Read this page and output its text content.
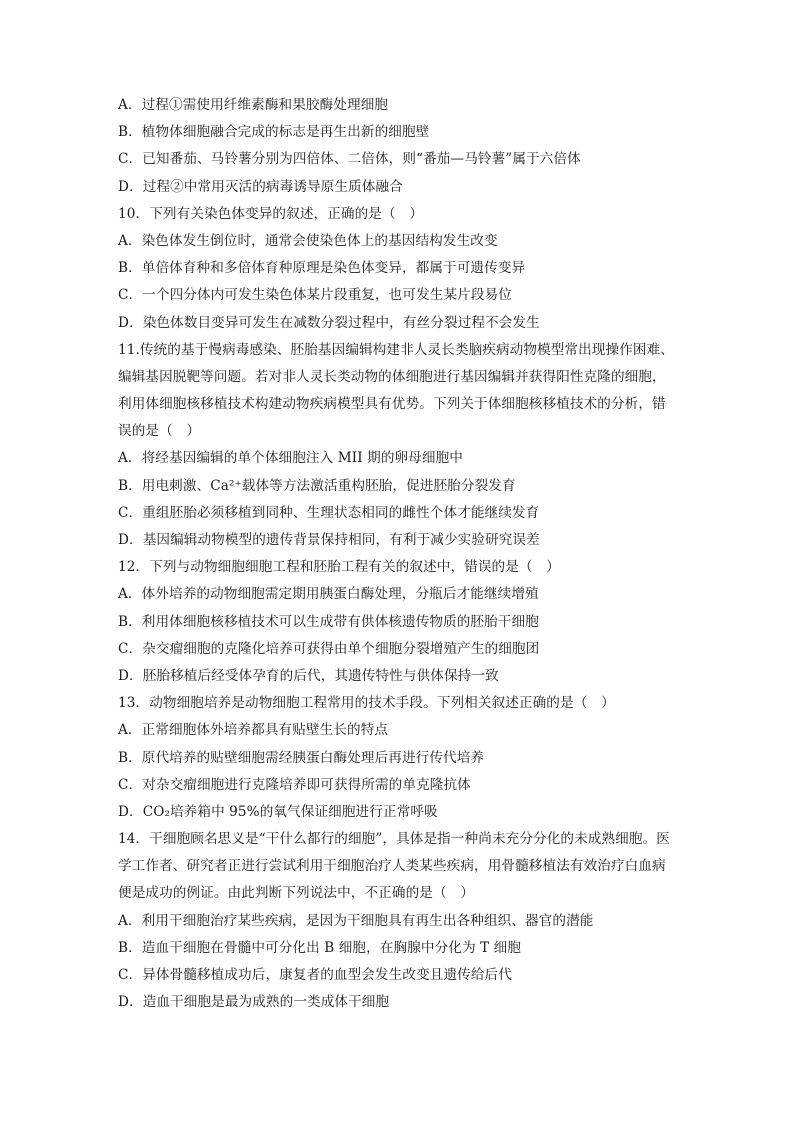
A．过程①需使用纤维素酶和果胶酶处理细胞
B．植物体细胞融合完成的标志是再生出新的细胞壁
C．已知番茄、马铃薯分别为四倍体、二倍体，则“番茄—马铃薯”属于六倍体
D．过程②中常用灭活的病毒诱导原生质体融合
10．下列有关染色体变异的叙述，正确的是（　）
A．染色体发生倒位时，通常会使染色体上的基因结构发生改变
B．单倍体育种和多倍体育种原理是染色体变异，都属于可遗传变异
C．一个四分体内可发生染色体某片段重复，也可发生某片段易位
D．染色体数目变异可发生在减数分裂过程中，有丝分裂过程不会发生
11.传统的基于慢病毒感染、胚胎基因编辑构建非人灵长类脑疾病动物模型常出现操作困难、
编辑基因脱靶等问题。若对非人灵长类动物的体细胞进行基因编辑并获得阳性克隆的细胞，
利用体细胞核移植技术构建动物疾病模型具有优势。下列关于体细胞核移植技术的分析，错
误的是（　）
A．将经基因编辑的单个体细胞注入 MII 期的卵母细胞中
B．用电刺激、Ca²⁺载体等方法激活重构胚胎，促进胚胎分裂发育
C．重组胚胎必须移植到同种、生理状态相同的雌性个体才能继续发育
D．基因编辑动物模型的遗传背景保持相同，有利于减少实验研究误差
12．下列与动物细胞细胞工程和胚胎工程有关的叙述中，错误的是（　）
A．体外培养的动物细胞需定期用胰蛋白酶处理，分瓶后才能继续增殖
B．利用体细胞核移植技术可以生成带有供体核遗传物质的胚胎干细胞
C．杂交瘤细胞的克隆化培养可获得由单个细胞分裂增殖产生的细胞团
D．胚胎移植后经受体孕育的后代，其遗传特性与供体保持一致
13．动物细胞培养是动物细胞工程常用的技术手段。下列相关叙述正确的是（　）
A．正常细胞体外培养都具有贴壁生长的特点
B．原代培养的贴壁细胞需经胰蛋白酶处理后再进行传代培养
C．对杂交瘤细胞进行克隆培养即可获得所需的单克隆抗体
D．CO₂培养箱中 95%的氧气保证细胞进行正常呼吸
14．干细胞顾名思义是“干什么都行的细胞”，具体是指一种尚未充分分化的未成熟细胞。医
学工作者、研究者正进行尝试利用干细胞治疗人类某些疾病，用骨髓移植法有效治疗白血病
便是成功的例证。由此判断下列说法中，不正确的是（　）
A．利用干细胞治疗某些疾病，是因为干细胞具有再生出各种组织、器官的潜能
B．造血干细胞在骨髓中可分化出 B 细胞，在胸腺中分化为 T 细胞
C．异体骨髓移植成功后，康复者的血型会发生改变且遗传给后代
D．造血干细胞是最为成熟的一类成体干细胞
